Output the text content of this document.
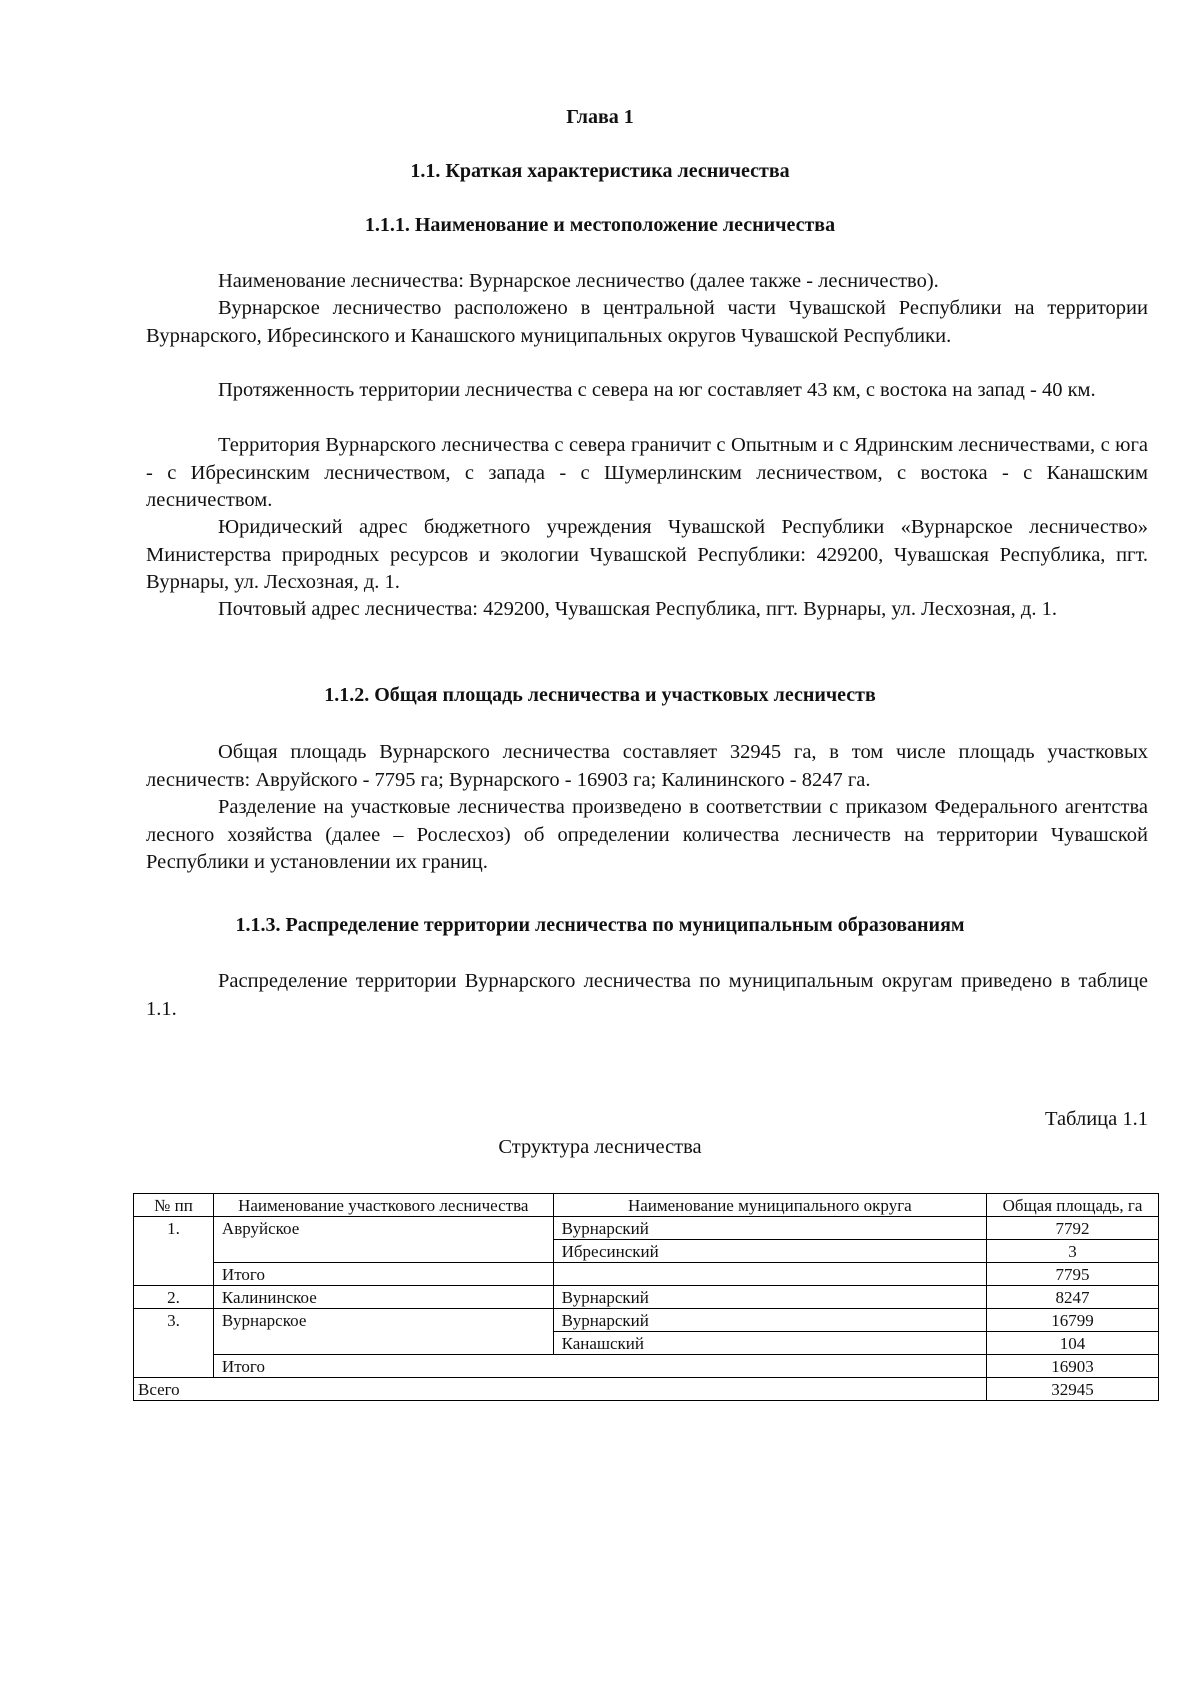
Глава 1
1.1. Краткая характеристика лесничества
1.1.1. Наименование и местоположение лесничества

Наименование лесничества: Вурнарское лесничество (далее также - лесничество).

Вурнарское лесничество расположено в центральной части Чувашской Республики на территории Вурнарского, Ибресинского и Канашского муниципальных округов Чувашской Республики.

Протяженность территории лесничества с севера на юг составляет 43 км, с востока на запад - 40 км.

Территория Вурнарского лесничества с севера граничит с Опытным и с Ядринским лесничествами, с юга - с Ибресинским лесничеством, с запада - с Шумерлинским лесничеством, с востока - с Канашским лесничеством.

Юридический адрес бюджетного учреждения Чувашской Республики «Вурнарское лесничество» Министерства природных ресурсов и экологии Чувашской Республики: 429200, Чувашская Республика, пгт. Вурнары, ул. Лесхозная, д. 1.

Почтовый адрес лесничества: 429200, Чувашская Республика, пгт. Вурнары, ул. Лесхозная, д. 1.

1.1.2. Общая площадь лесничества и участковых лесничеств

Общая площадь Вурнарского лесничества составляет 32945 га, в том числе площадь участковых лесничеств: Авруйского - 7795 га; Вурнарского - 16903 га; Калининского - 8247 га.

Разделение на участковые лесничества произведено в соответствии с приказом Федерального агентства лесного хозяйства (далее – Рослесхоз) об определении количества лесничеств на территории Чувашской Республики и установлении их границ.

1.1.3. Распределение территории лесничества по муниципальным образованиям

Распределение территории Вурнарского лесничества по муниципальным округам приведено в таблице 1.1.

Таблица 1.1
Структура лесничества
№ пп	Наименование участкового лесничества	Наименование муниципального округа	Общая площадь, га
1.	Авруйское	Вурнарский	7792
		Ибресинский	3
	Итого		7795
2.	Калининское	Вурнарский	8247
3.	Вурнарское	Вурнарский	16799
		Канашский	104
	Итого		16903
Всего			32945
